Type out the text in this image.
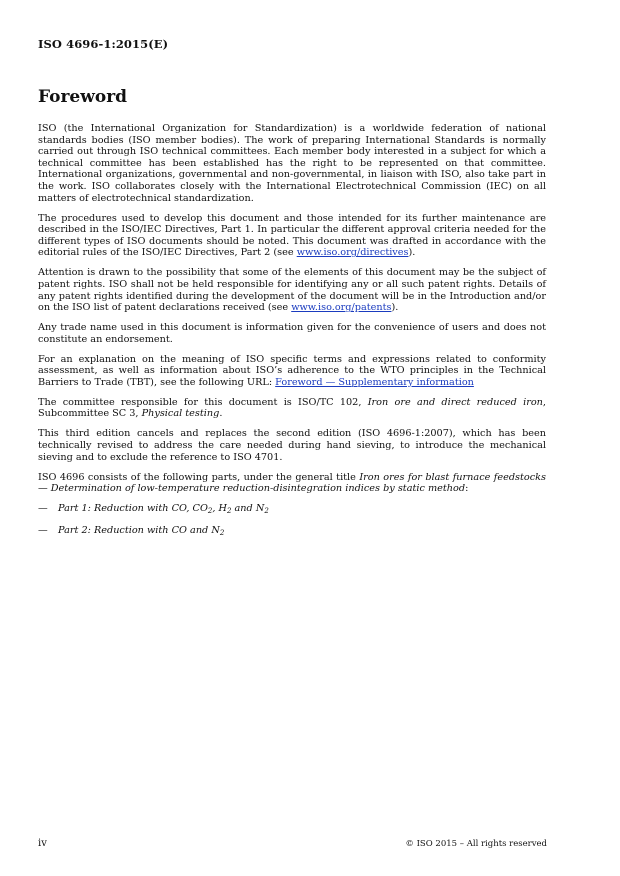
ISO 4696-1:2015(E)
Foreword

ISO (the International Organization for Standardization) is a worldwide federation of national standards bodies (ISO member bodies). The work of preparing International Standards is normally carried out through ISO technical committees. Each member body interested in a subject for which a technical committee has been established has the right to be represented on that committee. International organizations, governmental and non-governmental, in liaison with ISO, also take part in the work. ISO collaborates closely with the International Electrotechnical Commission (IEC) on all matters of electrotechnical standardization.

The procedures used to develop this document and those intended for its further maintenance are described in the ISO/IEC Directives, Part 1. In particular the different approval criteria needed for the different types of ISO documents should be noted. This document was drafted in accordance with the editorial rules of the ISO/IEC Directives, Part 2 (see www.iso.org/directives).

Attention is drawn to the possibility that some of the elements of this document may be the subject of patent rights. ISO shall not be held responsible for identifying any or all such patent rights. Details of any patent rights identified during the development of the document will be in the Introduction and/or on the ISO list of patent declarations received (see www.iso.org/patents).

Any trade name used in this document is information given for the convenience of users and does not constitute an endorsement.

For an explanation on the meaning of ISO specific terms and expressions related to conformity assessment, as well as information about ISO’s adherence to the WTO principles in the Technical Barriers to Trade (TBT), see the following URL: Foreword — Supplementary information

The committee responsible for this document is ISO/TC 102, Iron ore and direct reduced iron, Subcommittee SC 3, Physical testing.

This third edition cancels and replaces the second edition (ISO 4696-1:2007), which has been technically revised to address the care needed during hand sieving, to introduce the mechanical sieving and to exclude the reference to ISO 4701.

ISO 4696 consists of the following parts, under the general title Iron ores for blast furnace feedstocks — Determination of low-temperature reduction-disintegration indices by static method:

— Part 1: Reduction with CO, $CO_2$, $H_2$ and $N_2$

— Part 2: Reduction with CO and $N_2$

iv	© ISO 2015 – All rights reserved
